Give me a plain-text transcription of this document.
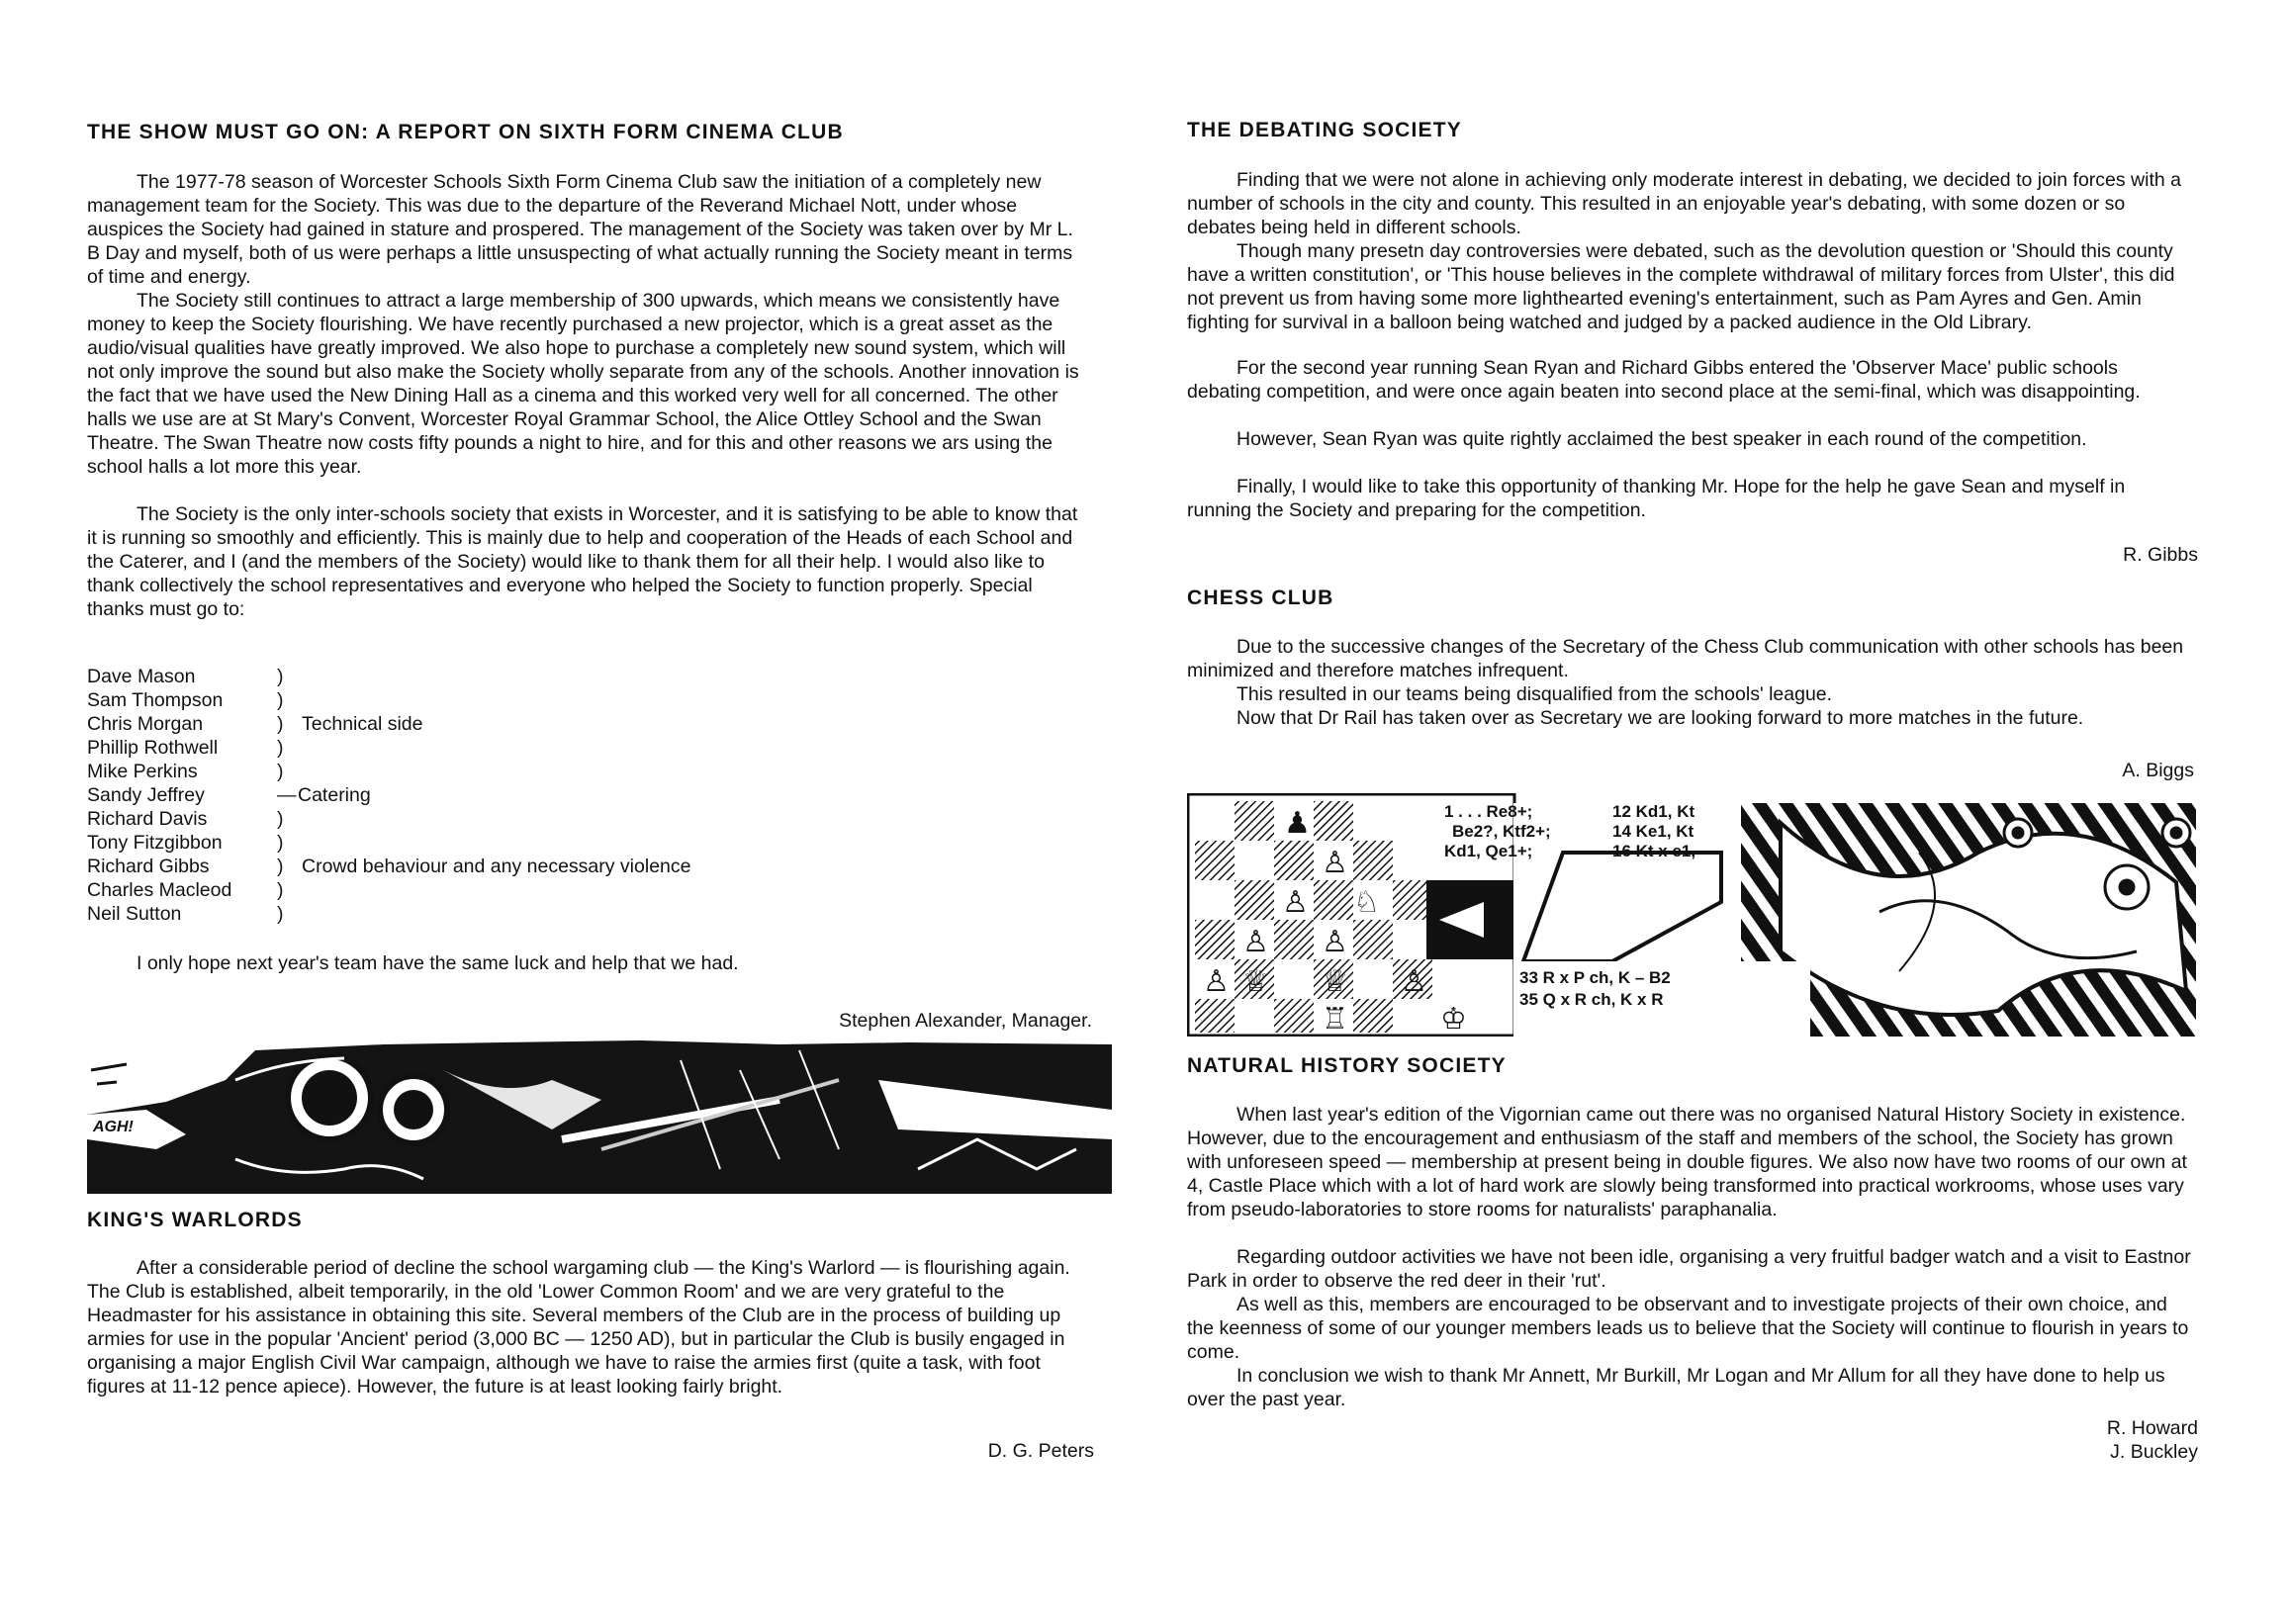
THE SHOW MUST GO ON: A REPORT ON SIXTH FORM CINEMA CLUB

The 1977-78 season of Worcester Schools Sixth Form Cinema Club saw the initiation of a completely new management team for the Society. This was due to the departure of the Reverand Michael Nott, under whose auspices the Society had gained in stature and prospered. The management of the Society was taken over by Mr L. B Day and myself, both of us were perhaps a little unsuspecting of what actually running the Society meant in terms of time and energy.

The Society still continues to attract a large membership of 300 upwards, which means we consistently have money to keep the Society flourishing. We have recently purchased a new projector, which is a great asset as the audio/visual qualities have greatly improved. We also hope to purchase a completely new sound system, which will not only improve the sound but also make the Society wholly separate from any of the schools. Another innovation is the fact that we have used the New Dining Hall as a cinema and this worked very well for all concerned. The other halls we use are at St Mary's Convent, Worcester Royal Grammar School, the Alice Ottley School and the Swan Theatre. The Swan Theatre now costs fifty pounds a night to hire, and for this and other reasons we ars using the school halls a lot more this year.

The Society is the only inter-schools society that exists in Worcester, and it is satisfying to be able to know that it is running so smoothly and efficiently. This is mainly due to help and cooperation of the Heads of each School and the Caterer, and I (and the members of the Society) would like to thank them for all their help. I would also like to thank collectively the school representatives and everyone who helped the Society to function properly. Special thanks must go to:

Dave Mason	)
Sam Thompson	)
Chris Morgan	) Technical side
Phillip Rothwell	)
Mike Perkins	)
Sandy Jeffrey	— Catering
Richard Davis	)
Tony Fitzgibbon	)
Richard Gibbs	) Crowd behaviour and any necessary violence
Charles Macleod )
Neil Sutton	)

I only hope next year's team have the same luck and help that we had.

Stephen Alexander, Manager.
AGH!
KING'S WARLORDS

After a considerable period of decline the school wargaming club — the King's Warlord — is flourishing again. The Club is established, albeit temporarily, in the old 'Lower Common Room' and we are very grateful to the Headmaster for his assistance in obtaining this site. Several members of the Club are in the process of building up armies for use in the popular 'Ancient' period (3,000 BC — 1250 AD), but in particular the Club is busily engaged in organising a major English Civil War campaign, although we have to raise the armies first (quite a task, with foot figures at 11-12 pence apiece). However, the future is at least looking fairly bright.

D. G. Peters
THE DEBATING SOCIETY

Finding that we were not alone in achieving only moderate interest in debating, we decided to join forces with a number of schools in the city and county. This resulted in an enjoyable year's debating, with some dozen or so debates being held in different schools.

Though many presetn day controversies were debated, such as the devolution question or 'Should this county have a written constitution', or 'This house believes in the complete withdrawal of military forces from Ulster', this did not prevent us from having some more lighthearted evening's entertainment, such as Pam Ayres and Gen. Amin fighting for survival in a balloon being watched and judged by a packed audience in the Old Library.

For the second year running Sean Ryan and Richard Gibbs entered the 'Observer Mace' public schools debating competition, and were once again beaten into second place at the semi-final, which was disappointing.

However, Sean Ryan was quite rightly acclaimed the best speaker in each round of the competition.

Finally, I would like to take this opportunity of thanking Mr. Hope for the help he gave Sean and myself in running the Society and preparing for the competition.

R. Gibbs
CHESS CLUB

Due to the successive changes of the Secretary of the Chess Club communication with other schools has been minimized and therefore matches infrequent.

This resulted in our teams being disqualified from the schools' league.

Now that Dr Rail has taken over as Secretary we are looking forward to more matches in the future.

A. Biggs
♟
♙
♙ ♘
♙ ♙
♙ ♕ ♕ ♙
♖	♔
1 . . . Re8+;
Be2?, Ktf2+;
Kd1, Qe1+;
12 Kd1, Kt
14 Ke1, Kt
16 Kt x e1,
33 R x P ch, K – B2
35 Q x R ch, K x R
NATURAL HISTORY SOCIETY

When last year's edition of the Vigornian came out there was no organised Natural History Society in existence. However, due to the encouragement and enthusiasm of the staff and members of the school, the Society has grown with unforeseen speed — membership at present being in double figures. We also now have two rooms of our own at 4, Castle Place which with a lot of hard work are slowly being transformed into practical workrooms, whose uses vary from pseudo-laboratories to store rooms for naturalists' paraphanalia.

Regarding outdoor activities we have not been idle, organising a very fruitful badger watch and a visit to Eastnor Park in order to observe the red deer in their 'rut'.

As well as this, members are encouraged to be observant and to investigate projects of their own choice, and the keenness of some of our younger members leads us to believe that the Society will continue to flourish in years to come.

In conclusion we wish to thank Mr Annett, Mr Burkill, Mr Logan and Mr Allum for all they have done to help us over the past year.

R. Howard
J. Buckley
